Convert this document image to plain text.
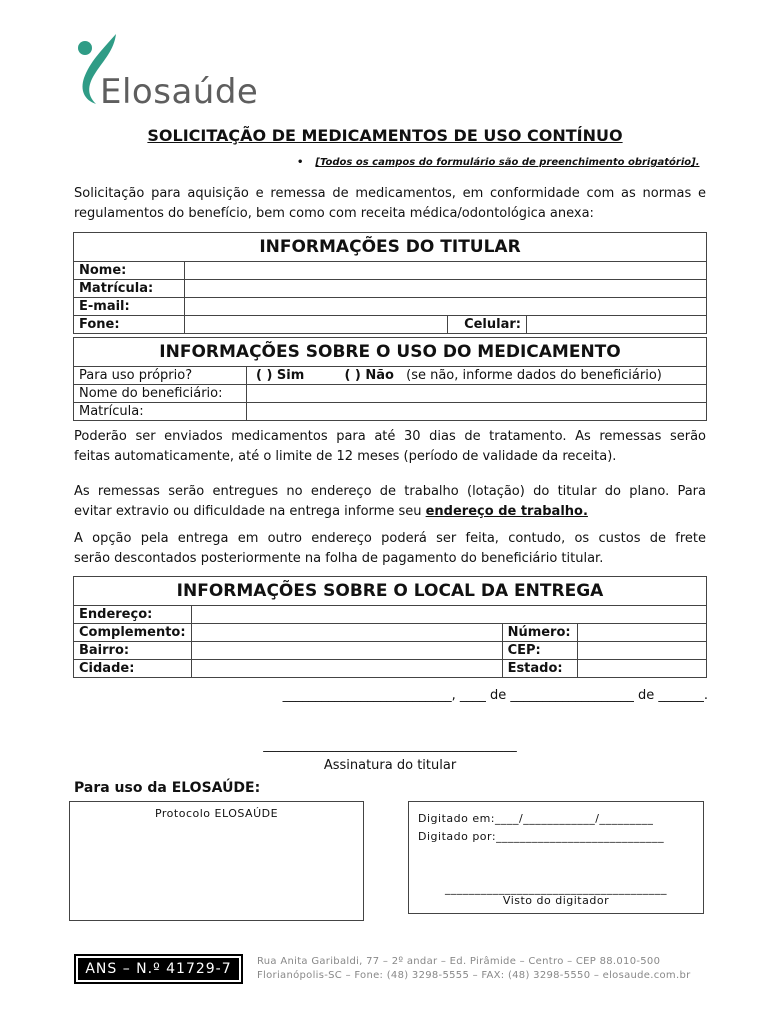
Elosaúde
SOLICITAÇÃO DE MEDICAMENTOS DE USO CONTÍNUO
• [Todos os campos do formulário são de preenchimento obrigatório].
Solicitação para aquisição e remessa de medicamentos, em conformidade com as normas e
regulamentos do benefício, bem como com receita médica/odontológica anexa:
INFORMAÇÕES DO TITULAR			
Nome:			
Matrícula:			
E-mail:			
Fone:		Celular:	
INFORMAÇÕES SOBRE O USO DO MEDICAMENTO	
Para uso próprio?	( ) Sim ( ) Não (se não, informe dados do beneficiário)
Nome do beneficiário:	
Matrícula:	
Poderão ser enviados medicamentos para até 30 dias de tratamento. As remessas serão
feitas automaticamente, até o limite de 12 meses (período de validade da receita).
As remessas serão entregues no endereço de trabalho (lotação) do titular do plano. Para
evitar extravio ou dificuldade na entrega informe seu endereço de trabalho.
A opção pela entrega em outro endereço poderá ser feita, contudo, os custos de frete
serão descontados posteriormente na folha de pagamento do beneficiário titular.
INFORMAÇÕES SOBRE O LOCAL DA ENTREGA			
Endereço:			
Complemento:		Número:	
Bairro:		CEP:	
Cidade:		Estado:	
__________________________, ____ de ___________________ de _______.
_______________________________________
Assinatura do titular
Para uso da ELOSAÚDE:
Protocolo ELOSAÚDE	Digitado em:____/____________/_________
Digitado por:____________________________
_____________________________________
Visto do digitador
ANS – N.º 41729-7	Rua Anita Garibaldi, 77 – 2º andar – Ed. Pirâmide – Centro – CEP 88.010-500
Florianópolis-SC – Fone: (48) 3298-5555 – FAX: (48) 3298-5550 – elosaude.com.br
